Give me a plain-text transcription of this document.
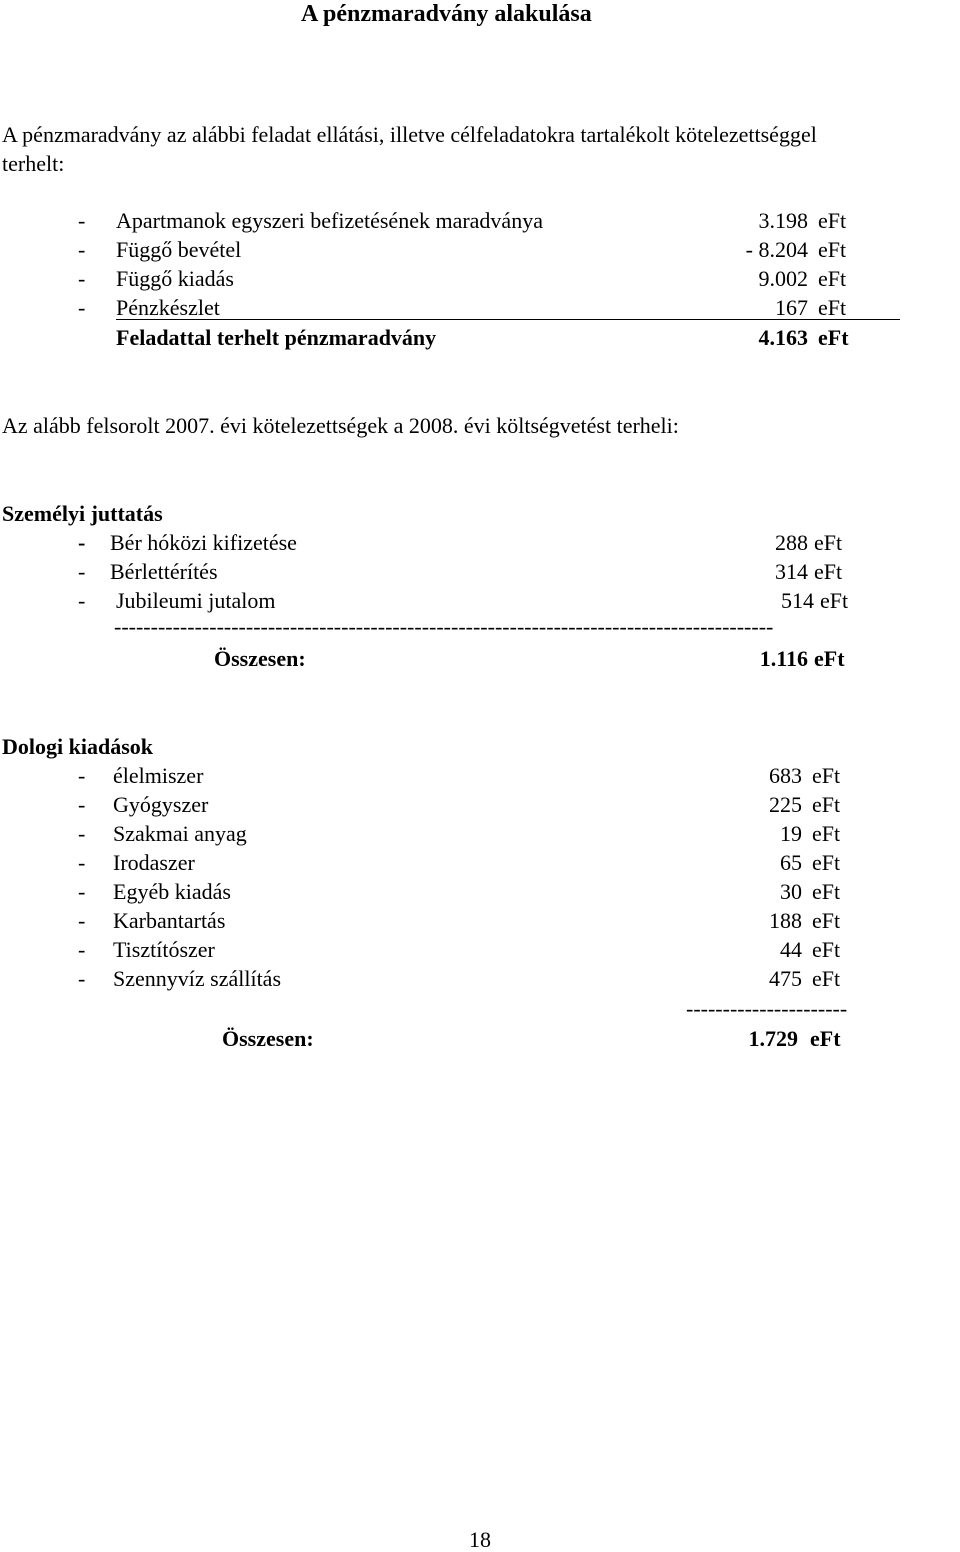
A pénzmaradvány alakulása
A pénzmaradvány az alábbi feladat ellátási, illetve célfeladatokra tartalékolt kötelezettséggel
terhelt:
- Apartmanok egyszeri befizetésének maradványa	3.198 eFt
- Függő bevétel	- 8.204 eFt
- Függő kiadás	9.002 eFt
- Pénzkészlet	167 eFt
Feladattal terhelt pénzmaradvány	4.163 eFt
Az alább felsorolt 2007. évi kötelezettségek a 2008. évi költségvetést terheli:
Személyi juttatás
- Bér hóközi kifizetése	288 eFt
- Bérlettérítés	314 eFt
- Jubileumi jutalom	514 eFt
------------------------------------------------------------------------------------------
Összesen:	1.116 eFt
Dologi kiadások
- élelmiszer	683 eFt
- Gyógyszer	225 eFt
- Szakmai anyag	19 eFt
- Irodaszer	65 eFt
- Egyéb kiadás	30 eFt
- Karbantartás	188 eFt
- Tisztítószer	44 eFt
- Szennyvíz szállítás	475 eFt
----------------------
Összesen:	1.729 eFt
18
